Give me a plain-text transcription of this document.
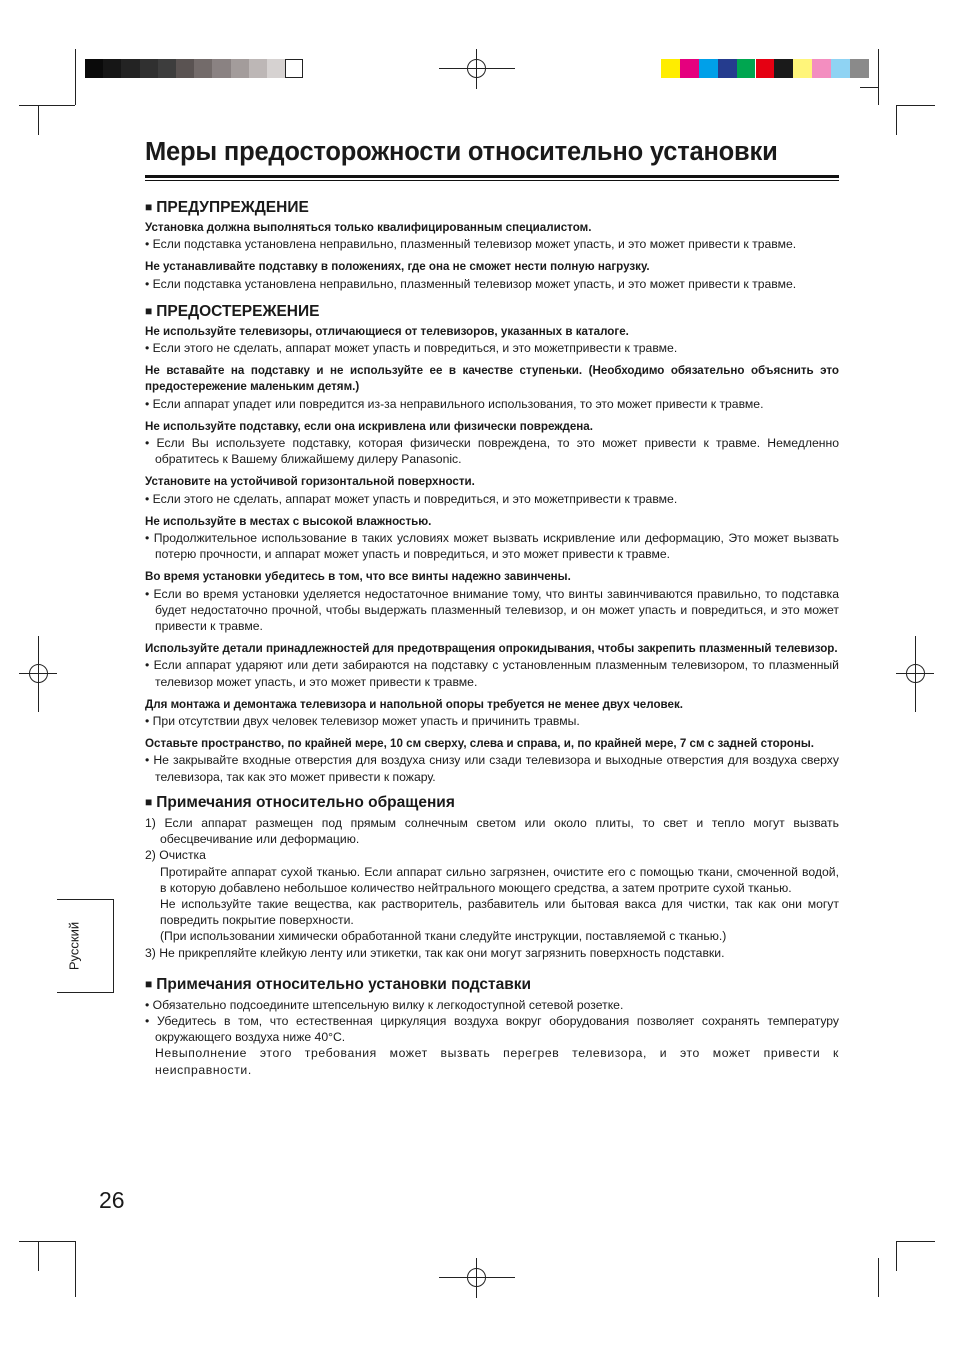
Меры предосторожности относительно установки
■ ПРЕДУПРЕЖДЕНИЕ
Установка должна выполняться только квалифицированным специалистом.
• Если подставка установлена неправильно, плазменный телевизор может упасть, и это может привести к травме.
Не устанавливайте подставку в положениях, где она не сможет нести полную нагрузку.
• Если подставка установлена неправильно, плазменный телевизор может упасть, и это может привести к травме.
■ ПРЕДОСТЕРЕЖЕНИЕ
Не используйте телевизоры, отличающиеся от телевизоров, указанных в каталоге.
• Если этого не сделать, аппарат может упасть и повредиться, и это можетпривести к травме.
Не вставайте на подставку и не используйте ее в качестве ступеньки. (Необходимо обязательно объяснить это предостережение маленьким детям.)
• Если аппарат упадет или повредится из-за неправильного использования, то это может привести к травме.
Не используйте подставку, если она искривлена или физически повреждена.
• Если Вы используете подставку, которая физически повреждена, то это может привести к травме. Немедленно обратитесь к Вашему ближайшему дилеру Panasonic.
Установите на устойчивой горизонтальной поверхности.
• Если этого не сделать, аппарат может упасть и повредиться, и это можетпривести к травме.
Не используйте в местах с высокой влажностью.
• Продолжительное использование в таких условиях может вызвать искривление или деформацию, Это может вызвать потерю прочности, и аппарат может упасть и повредиться, и это может привести к травме.
Во время установки убедитесь в том, что все винты надежно завинчены.
• Если во время установки уделяется недостаточное внимание тому, что винты завинчиваются правильно, то подставка будет недостаточно прочной, чтобы выдержать плазменный телевизор, и он может упасть и повредиться, и это может привести к травме.
Используйте детали принадлежностей для предотвращения опрокидывания, чтобы закрепить плазменный телевизор.
• Если аппарат ударяют или дети забираются на подставку с установленным плазменным телевизором, то плазменный телевизор может упасть, и это может привести к травме.
Для монтажа и демонтажа телевизора и напольной опоры требуется не менее двух человек.
• При отсутствии двух человек телевизор может упасть и причинить травмы.
Оставьте пространство, по крайней мере, 10 см сверху, слева и справа, и, по крайней мере, 7 см с задней стороны.
• Не закрывайте входные отверстия для воздуха снизу или сзади телевизора и выходные отверстия для воздуха сверху телевизора, так как это может привести к пожару.
■ Примечания относительно обращения
1) Если аппарат размещен под прямым солнечным светом или около плиты, то свет и тепло могут вызвать обесцвечивание или деформацию.
2) Очистка
Протирайте аппарат сухой тканью. Если аппарат сильно загрязнен, очистите его с помощью ткани, смоченной водой, в которую добавлено небольшое количество нейтрального моющего средства, а затем протрите сухой тканью.
Не используйте такие вещества, как растворитель, разбавитель или бытовая вакса для чистки, так как они могут повредить покрытие поверхности.
(При использовании химически обработанной ткани следуйте инструкции, поставляемой с тканью.)
3) Не прикрепляйте клейкую ленту или этикетки, так как они могут загрязнить поверхность подставки.
■ Примечания относительно установки подставки
• Обязательно подсоедините штепсельную вилку к легкодоступной сетевой розетке.
• Убедитесь в том, что естественная циркуляция воздуха вокруг оборудования позволяет сохранять температуру окружающего воздуха ниже 40°C.
Невыполнение этого требования может вызвать перегрев телевизора, и это может привести к неисправности.
Русский
26
